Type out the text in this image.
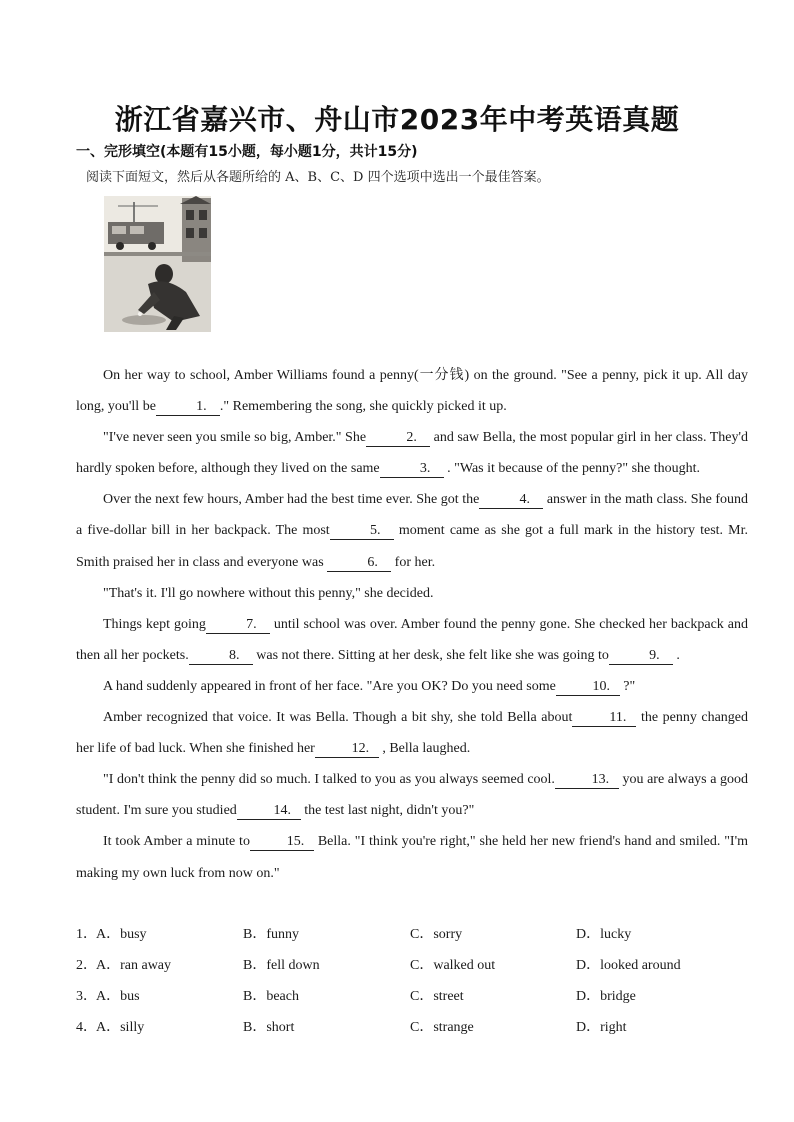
浙江省嘉兴市、舟山市2023年中考英语真题
一、完形填空(本题有15小题，每小题1分，共计15分)
阅读下面短文，然后从各题所给的 A、B、C、D 四个选项中选出一个最佳答案。

On her way to school, Amber Williams found a penny(一分钱) on the ground. "See a penny, pick it up. All day long, you'll be	1. ." Remembering the song, she quickly picked it up.

"I've never seen you smile so big, Amber." She	2. and saw Bella, the most popular girl in her class. They'd hardly spoken before, although they lived on the same	3. . "Was it because of the penny?" she thought.

Over the next few hours, Amber had the best time ever. She got the	4. answer in the math class. She found a five-dollar bill in her backpack. The most	5. moment came as she got a full mark in the history test. Mr. Smith praised her in class and everyone was	6. for her.

"That's it. I'll go nowhere without this penny," she decided.

Things kept going	7. until school was over. Amber found the penny gone. She checked her backpack and then all her pockets.	8. was not there. Sitting at her desk, she felt like she was going to	9. .

A hand suddenly appeared in front of her face. "Are you OK? Do you need some	10. ?"

Amber recognized that voice. It was Bella. Though a bit shy, she told Bella about	11. the penny changed her life of bad luck. When she finished her	12. , Bella laughed.

"I don't think the penny did so much. I talked to you as you always seemed cool.	13. you are always a good student. I'm sure you studied	14. the test last night, didn't you?"

It took Amber a minute to	15. Bella. "I think you're right," she held her new friend's hand and smiled. "I'm making my own luck from now on."

1． A．busy	B．funny	C．sorry	D．lucky
2． A．ran away	B．fell down	C．walked out	D．looked around
3． A．bus	B．beach	C．street	D．bridge
4． A．silly	B．short	C．strange	D．right
